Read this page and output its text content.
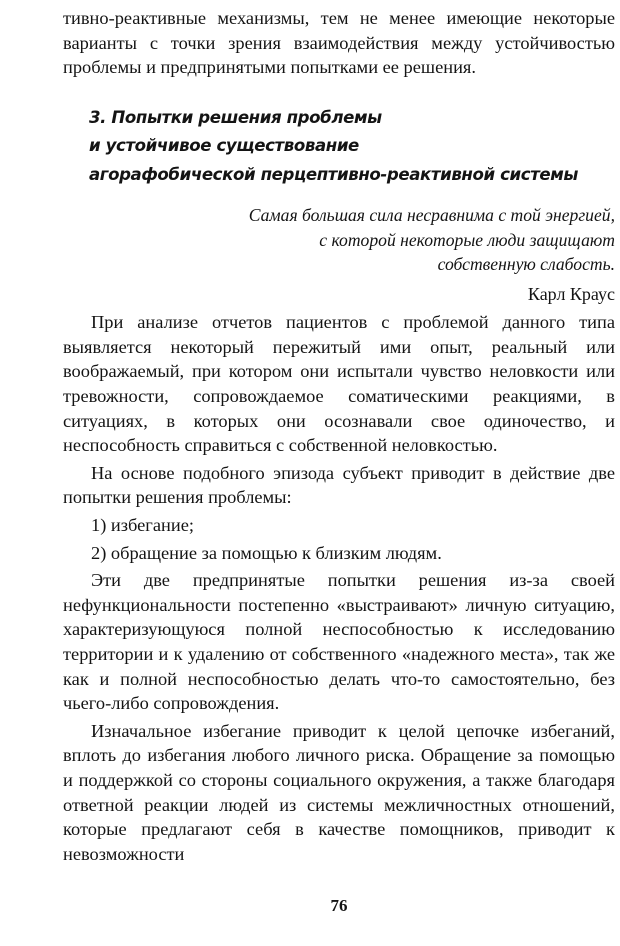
тивно-реактивные механизмы, тем не менее имеющие некоторые варианты с точки зрения взаимодействия между устойчивостью проблемы и предпринятыми попытками ее решения.

3. Попытки решения проблемы
и устойчивое существование
агорафобической перцептивно-реактивной системы
Самая большая сила несравнима с той энергией,
с которой некоторые люди защищают
собственную слабость.
Карл Краус

При анализе отчетов пациентов с проблемой данного типа выявляется некоторый пережитый ими опыт, реальный или воображаемый, при котором они испытали чувство неловкости или тревожности, сопровождаемое соматическими реакциями, в ситуациях, в которых они осознавали свое одиночество, и неспособность справиться с собственной неловкостью.

На основе подобного эпизода субъект приводит в действие две попытки решения проблемы:

1) избегание;

2) обращение за помощью к близким людям.

Эти две предпринятые попытки решения из-за своей нефункциональности постепенно «выстраивают» личную ситуацию, характеризующуюся полной неспособностью к исследованию территории и к удалению от собственного «надежного места», так же как и полной неспособностью делать что-то самостоятельно, без чьего-либо сопровождения.

Изначальное избегание приводит к целой цепочке избеганий, вплоть до избегания любого личного риска. Обращение за помощью и поддержкой со стороны социального окружения, а также благодаря ответной реакции людей из системы межличностных отношений, которые предлагают себя в качестве помощников, приводит к невозможности

76
